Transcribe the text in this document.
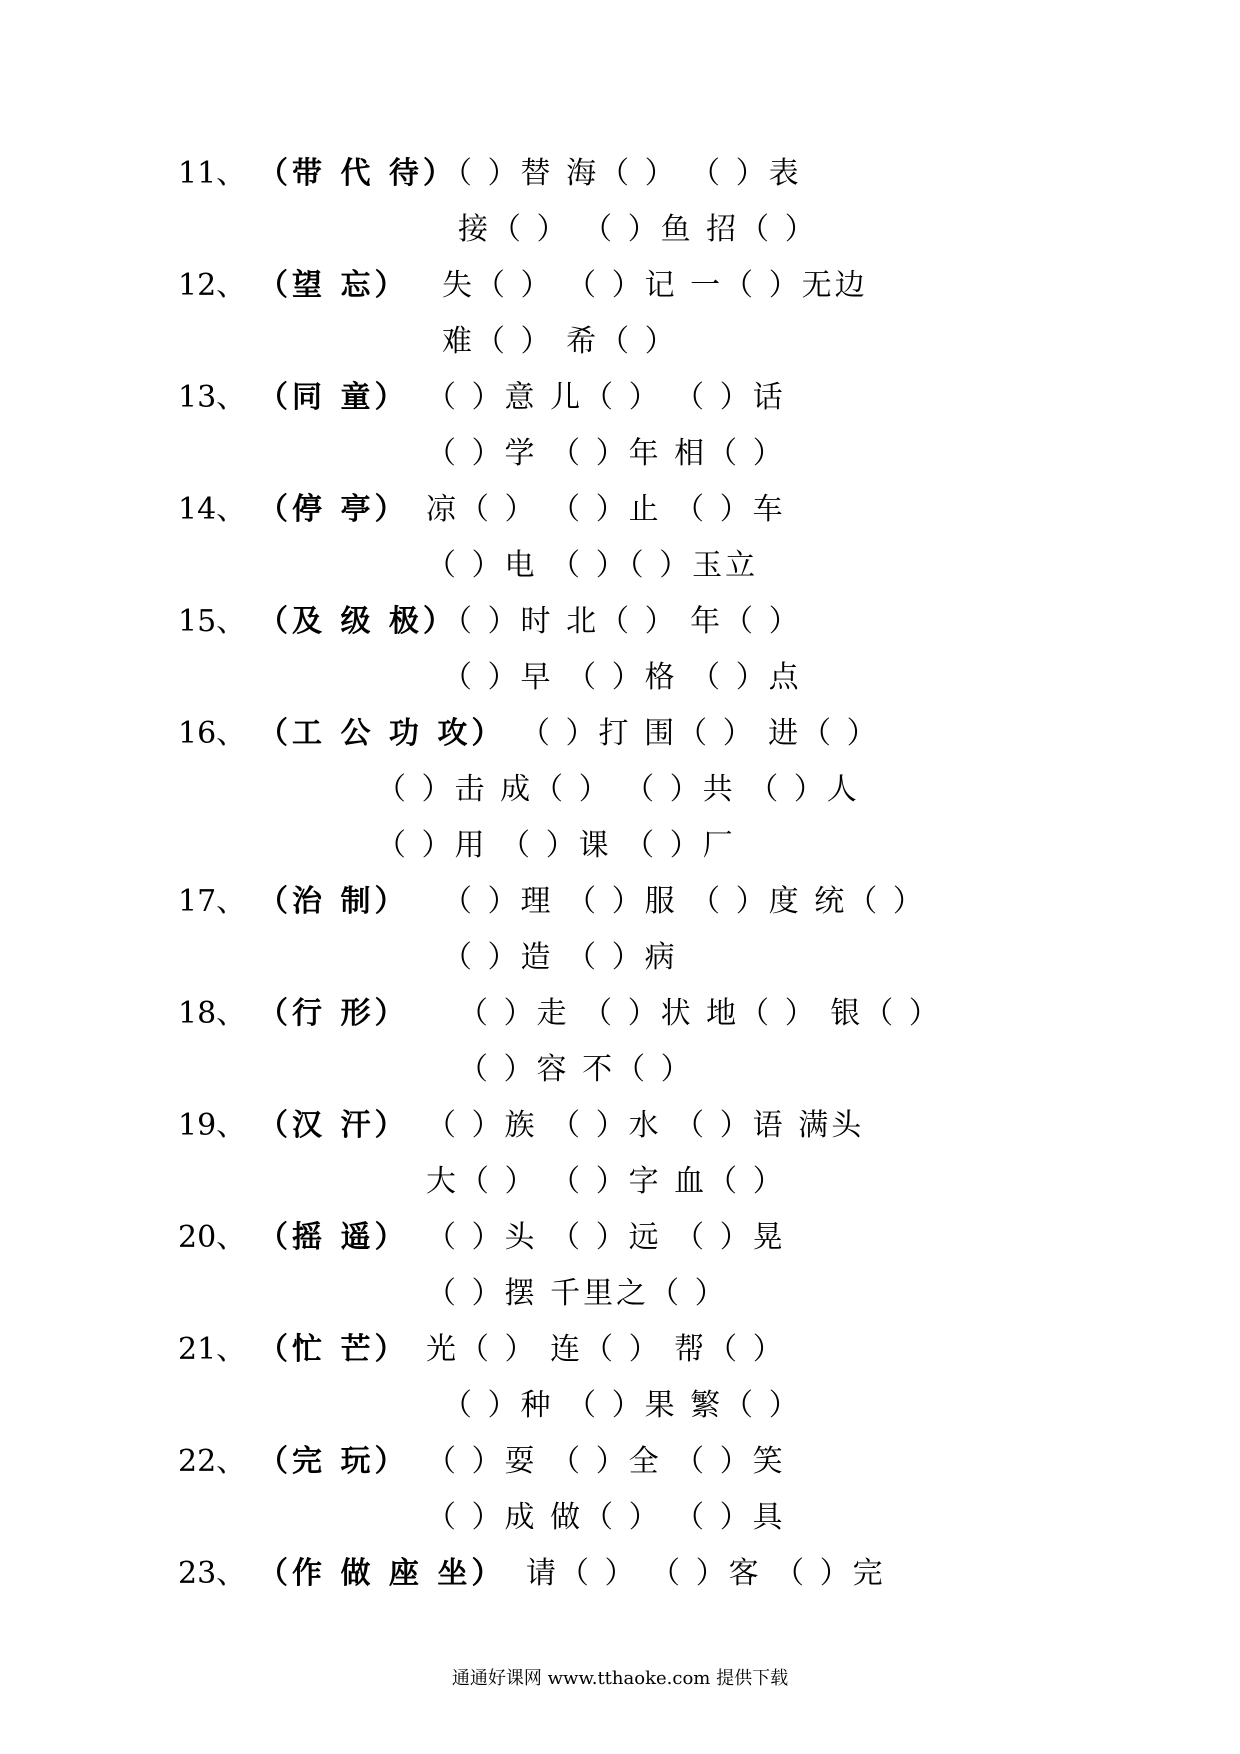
11、 （带 代 待）
（ ）替 海（ ） （ ）表
接（ ） （ ）鱼 招（ ）
12、 （望 忘） 失（ ） （ ）记 一（ ）无边
难（ ） 希（ ）
13、 （同 童） （ ）意 儿（ ） （ ）话
（ ）学 （ ）年 相（ ）
14、 （停 亭） 凉（ ） （ ）止 （ ）车
（ ）电 （ ）（ ）玉立
15、 （及 级 极）
（ ）时 北（ ） 年（ ）
（ ）早 （ ）格 （ ）点
16、 （工 公 功 攻） （ ）打 围（ ） 进（ ）
（ ）击 成（ ） （ ）共 （ ）人
（ ）用 （ ）课 （ ）厂
17、 （治 制） （ ）理 （ ）服 （ ）度 统（ ）
（ ）造 （ ）病
18、 （行 形） （ ）走 （ ）状 地（ ） 银（ ）
（ ）容 不（ ）
19、 （汉 汗） （ ）族 （ ）水 （ ）语 满头
大（ ） （ ）字 血（ ）
20、 （摇 遥） （ ）头 （ ）远 （ ）晃
（ ）摆 千里之（ ）
21、 （忙 芒） 光（ ） 连（ ） 帮（ ）
（ ）种 （ ）果 繁（ ）
22、 （完 玩） （ ）耍 （ ）全 （ ）笑
（ ）成 做（ ） （ ）具
23、 （作 做 座 坐） 请（ ） （ ）客 （ ）完
通通好课网 www.tthaoke.com 提供下载
